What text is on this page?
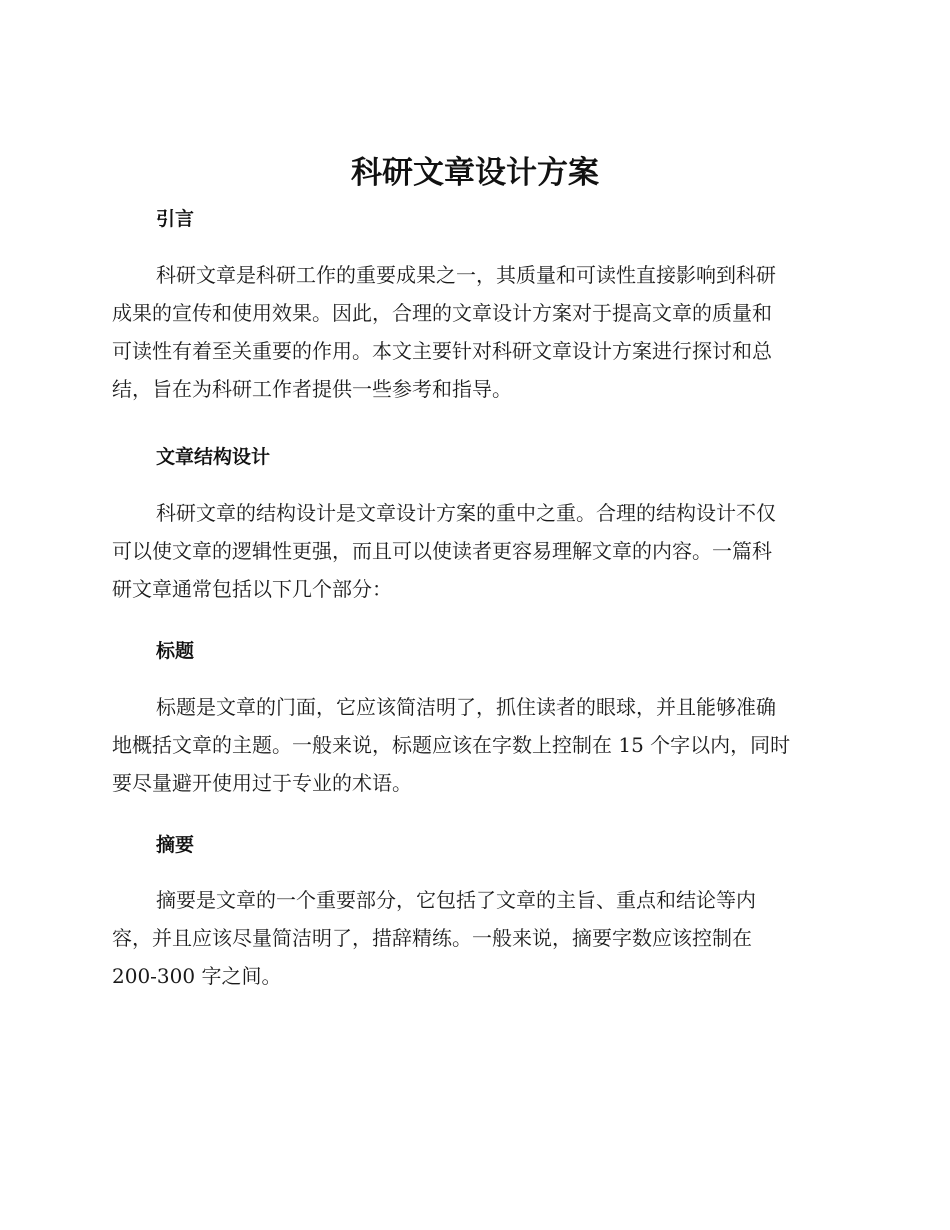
科研文章设计方案
引言

科研文章是科研工作的重要成果之一，其质量和可读性直接影响到科研
成果的宣传和使用效果。因此，合理的文章设计方案对于提高文章的质量和
可读性有着至关重要的作用。本文主要针对科研文章设计方案进行探讨和总
结，旨在为科研工作者提供一些参考和指导。

文章结构设计

科研文章的结构设计是文章设计方案的重中之重。合理的结构设计不仅
可以使文章的逻辑性更强，而且可以使读者更容易理解文章的内容。一篇科
研文章通常包括以下几个部分：

标题

标题是文章的门面，它应该简洁明了，抓住读者的眼球，并且能够准确
地概括文章的主题。一般来说，标题应该在字数上控制在 15 个字以内，同时
要尽量避开使用过于专业的术语。

摘要

摘要是文章的一个重要部分，它包括了文章的主旨、重点和结论等内
容，并且应该尽量简洁明了，措辞精练。一般来说，摘要字数应该控制在
200-300 字之间。
